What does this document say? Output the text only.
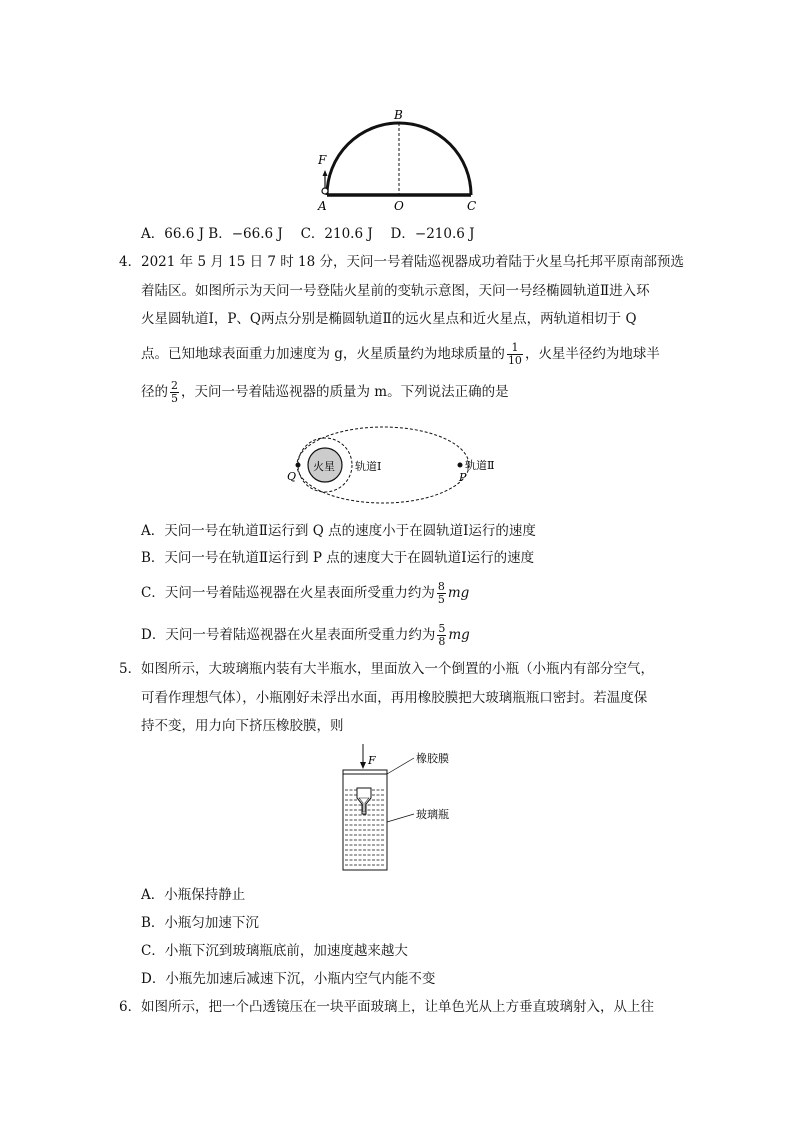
B
F
A	O	C
A．66.6 J B．−66.6 J　 C．210.6 J　 D．−210.6 J
4． 2021 年 5 月 15 日 7 时 18 分，天问一号着陆巡视器成功着陆于火星乌托邦平原南部预选
着陆区。如图所示为天问一号登陆火星前的变轨示意图，天问一号经椭圆轨道Ⅱ进入环
火星圆轨道Ⅰ，P、Q两点分别是椭圆轨道Ⅱ的远火星点和近火星点，两轨道相切于 Q
点。已知地球表面重力加速度为 g，火星质量约为地球质量的 $\frac{1}{10}$ ，火星半径约为地球半
径的 $\frac{2}{5}$ ，天问一号着陆巡视器的质量为 m。下列说法正确的是
火星 轨道Ⅰ	轨道Ⅱ
Q	P
A．天问一号在轨道Ⅱ运行到 Q 点的速度小于在圆轨道Ⅰ运行的速度
B．天问一号在轨道Ⅱ运行到 P 点的速度大于在圆轨道Ⅰ运行的速度
C．天问一号着陆巡视器在火星表面所受重力约为 $\frac{8}{5}$ mg
D．天问一号着陆巡视器在火星表面所受重力约为 $\frac{5}{8}$ mg
5． 如图所示，大玻璃瓶内装有大半瓶水，里面放入一个倒置的小瓶（小瓶内有部分空气，
可看作理想气体），小瓶刚好未浮出水面，再用橡胶膜把大玻璃瓶瓶口密封。若温度保
持不变，用力向下挤压橡胶膜，则
F	橡胶膜
玻璃瓶
A．小瓶保持静止
B．小瓶匀加速下沉
C．小瓶下沉到玻璃瓶底前，加速度越来越大
D．小瓶先加速后减速下沉，小瓶内空气内能不变
6． 如图所示，把一个凸透镜压在一块平面玻璃上，让单色光从上方垂直玻璃射入，从上往
